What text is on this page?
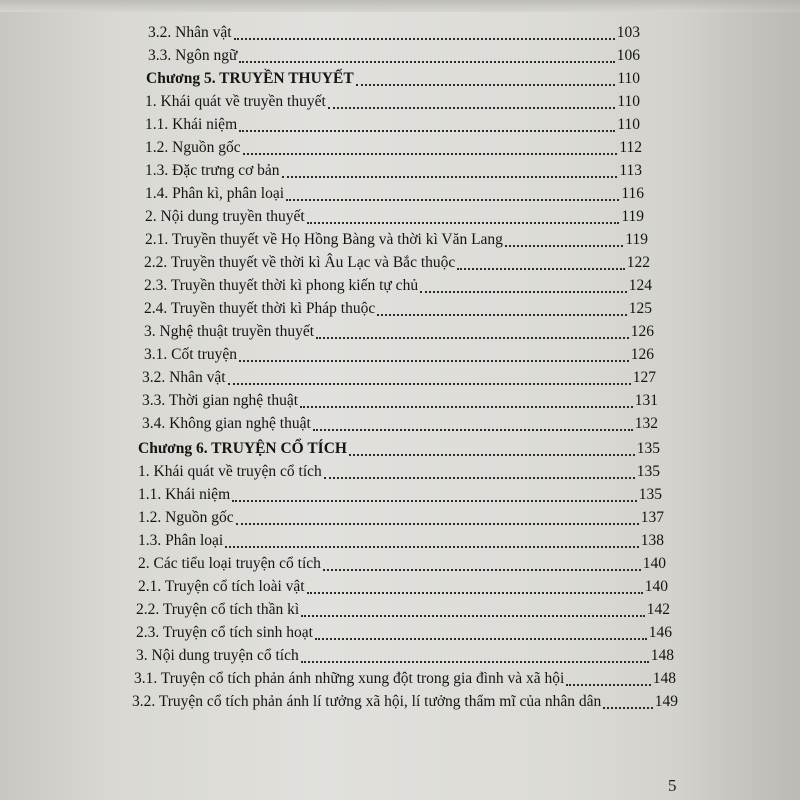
3.2. Nhân vật	103
3.3. Ngôn ngữ	106
Chương 5. TRUYỀN THUYẾT	110
1. Khái quát về truyền thuyết	110
1.1. Khái niệm	110
1.2. Nguồn gốc	112
1.3. Đặc trưng cơ bản	113
1.4. Phân kì, phân loại	116
2. Nội dung truyền thuyết	119
2.1. Truyền thuyết về Họ Hồng Bàng và thời kì Văn Lang	119
2.2. Truyền thuyết về thời kì Âu Lạc và Bắc thuộc	122
2.3. Truyền thuyết thời kì phong kiến tự chủ	124
2.4. Truyền thuyết thời kì Pháp thuộc	125
3. Nghệ thuật truyền thuyết	126
3.1. Cốt truyện	126
3.2. Nhân vật	127
3.3. Thời gian nghệ thuật	131
3.4. Không gian nghệ thuật	132
Chương 6. TRUYỆN CỔ TÍCH	135
1. Khái quát về truyện cổ tích	135
1.1. Khái niệm	135
1.2. Nguồn gốc	137
1.3. Phân loại	138
2. Các tiểu loại truyện cổ tích	140
2.1. Truyện cổ tích loài vật	140
2.2. Truyện cổ tích thần kì	142
2.3. Truyện cổ tích sinh hoạt	146
3. Nội dung truyện cổ tích	148
3.1. Truyện cổ tích phản ánh những xung đột trong gia đình và xã hội	148
3.2. Truyện cổ tích phản ánh lí tưởng xã hội, lí tưởng thẩm mĩ của nhân dân	149
5
